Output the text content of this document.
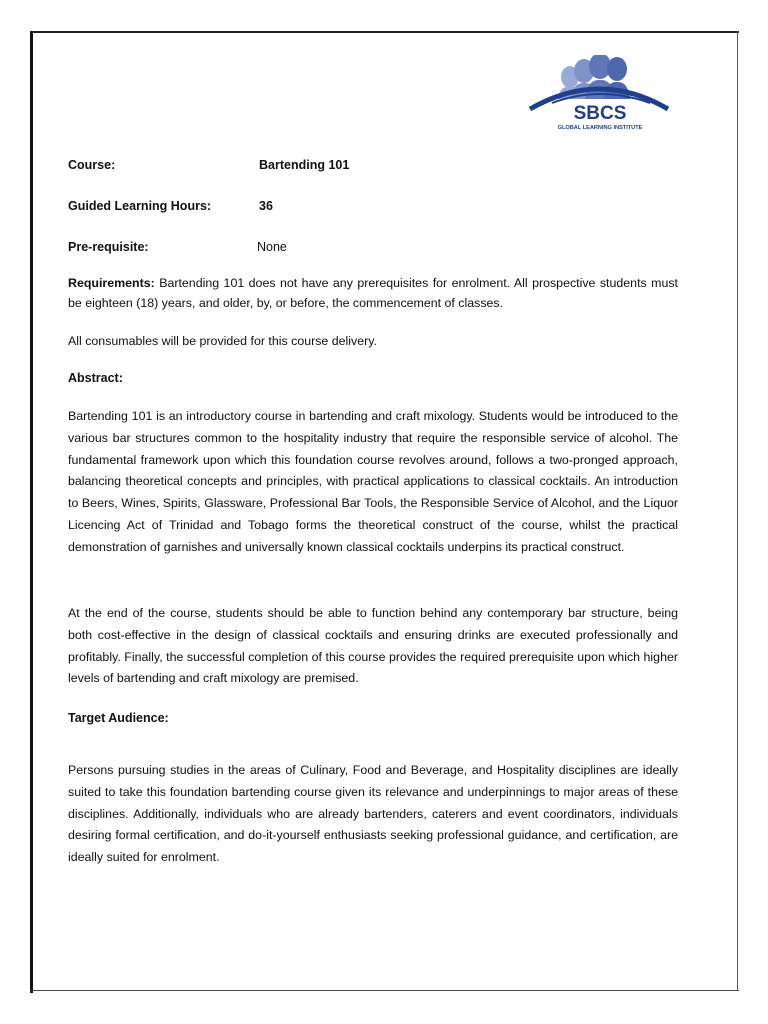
SBCS
GLOBAL LEARNING INSTITUTE
Course:	Bartending 101
Guided Learning Hours:	36
Pre-requisite:	None

Requirements: Bartending 101 does not have any prerequisites for enrolment. All prospective students must be eighteen (18) years, and older, by, or before, the commencement of classes.

All consumables will be provided for this course delivery.

Abstract:

Bartending 101 is an introductory course in bartending and craft mixology. Students would be introduced to the various bar structures common to the hospitality industry that require the responsible service of alcohol. The fundamental framework upon which this foundation course revolves around, follows a two-pronged approach, balancing theoretical concepts and principles, with practical applications to classical cocktails. An introduction to Beers, Wines, Spirits, Glassware, Professional Bar Tools, the Responsible Service of Alcohol, and the Liquor Licencing Act of Trinidad and Tobago forms the theoretical construct of the course, whilst the practical demonstration of garnishes and universally known classical cocktails underpins its practical construct.

At the end of the course, students should be able to function behind any contemporary bar structure, being both cost-effective in the design of classical cocktails and ensuring drinks are executed professionally and profitably. Finally, the successful completion of this course provides the required prerequisite upon which higher levels of bartending and craft mixology are premised.

Target Audience:

Persons pursuing studies in the areas of Culinary, Food and Beverage, and Hospitality disciplines are ideally suited to take this foundation bartending course given its relevance and underpinnings to major areas of these disciplines. Additionally, individuals who are already bartenders, caterers and event coordinators, individuals desiring formal certification, and do-it-yourself enthusiasts seeking professional guidance, and certification, are ideally suited for enrolment.
